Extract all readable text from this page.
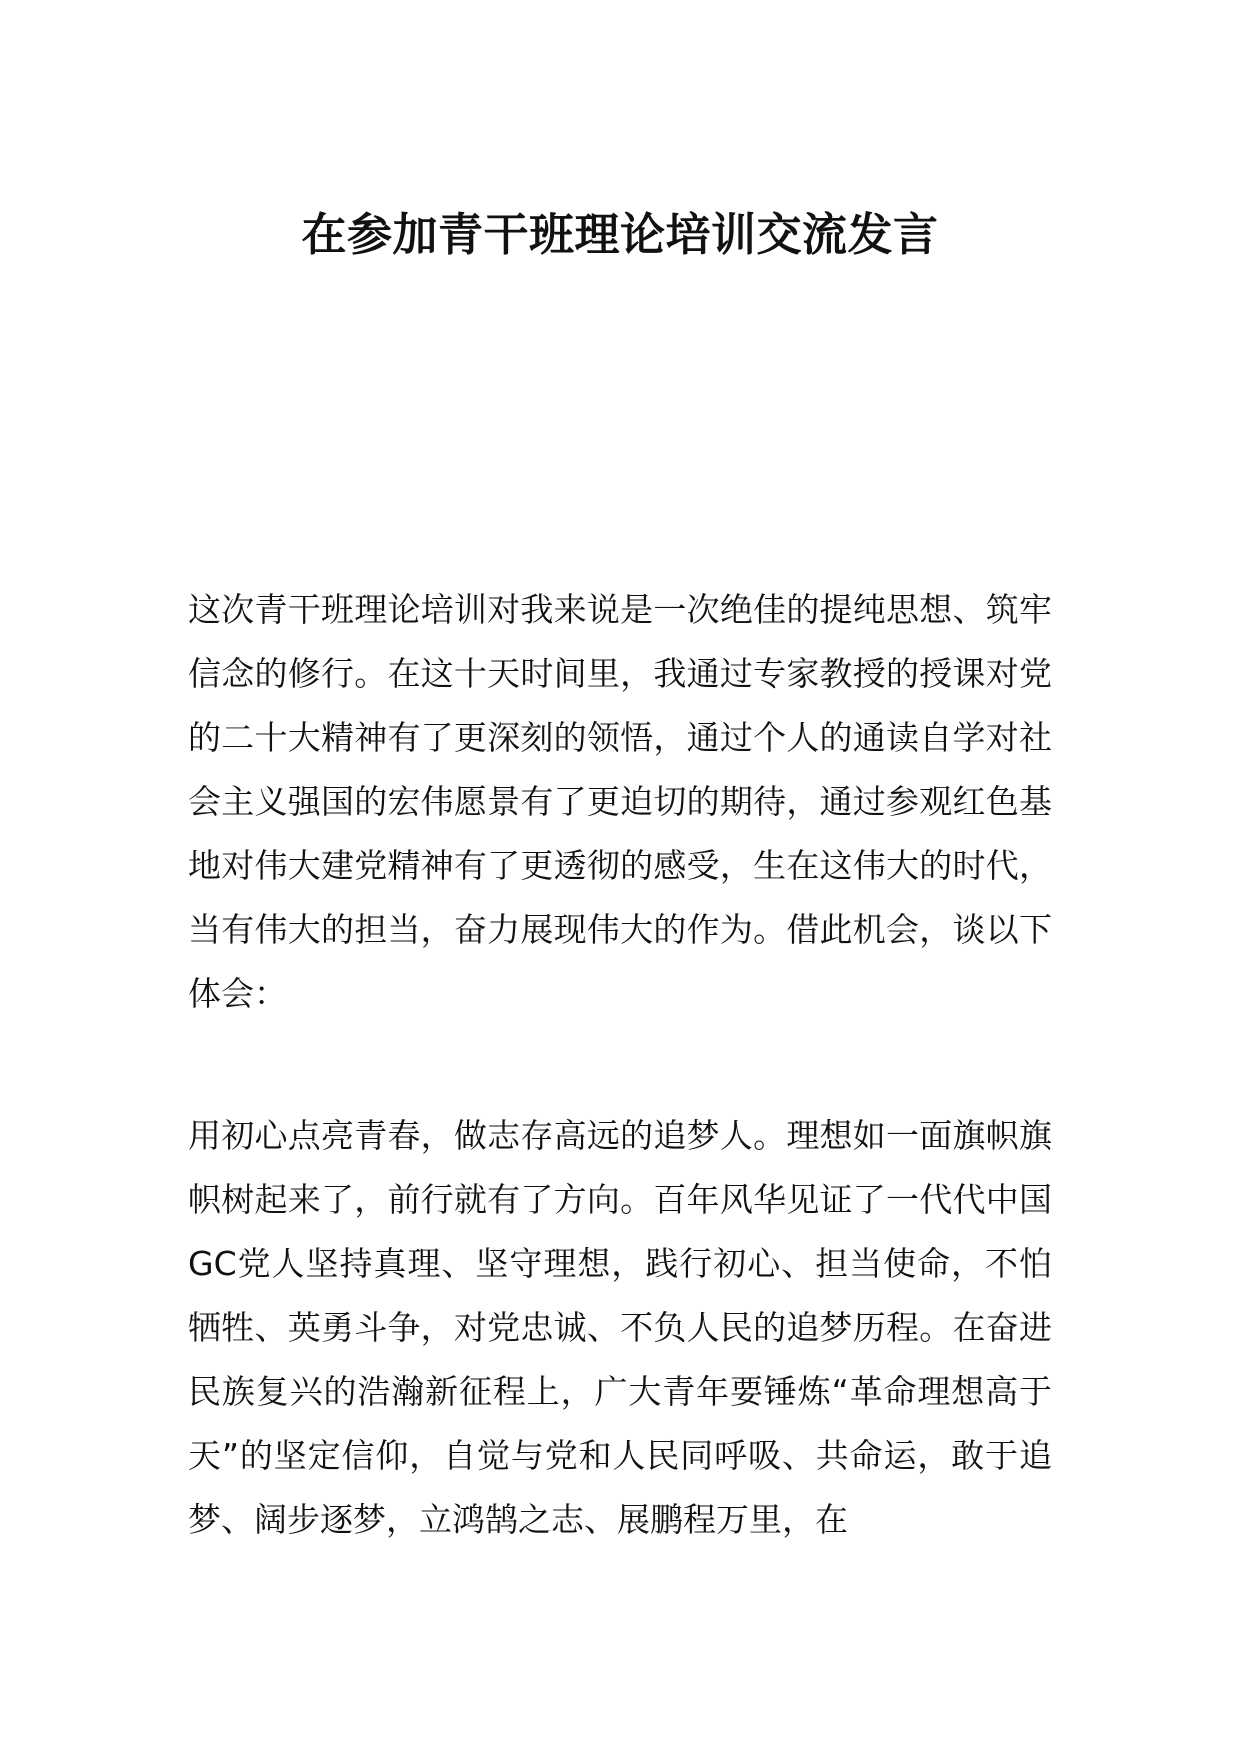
在参加青干班理论培训交流发言

这次青干班理论培训对我来说是一次绝佳的提纯思想、筑牢信念的修行。在这十天时间里，我通过专家教授的授课对党的二十大精神有了更深刻的领悟，通过个人的通读自学对社会主义强国的宏伟愿景有了更迫切的期待，通过参观红色基地对伟大建党精神有了更透彻的感受，生在这伟大的时代，当有伟大的担当，奋力展现伟大的作为。借此机会，谈以下体会：

用初心点亮青春，做志存高远的追梦人。理想如一面旗帜旗帜树起来了，前行就有了方向。百年风华见证了一代代中国GC党人坚持真理、坚守理想，践行初心、担当使命，不怕牺牲、英勇斗争，对党忠诚、不负人民的追梦历程。在奋进民族复兴的浩瀚新征程上，广大青年要锤炼“革命理想高于天”的坚定信仰，自觉与党和人民同呼吸、共命运，敢于追梦、阔步逐梦，立鸿鹄之志、展鹏程万里，在
